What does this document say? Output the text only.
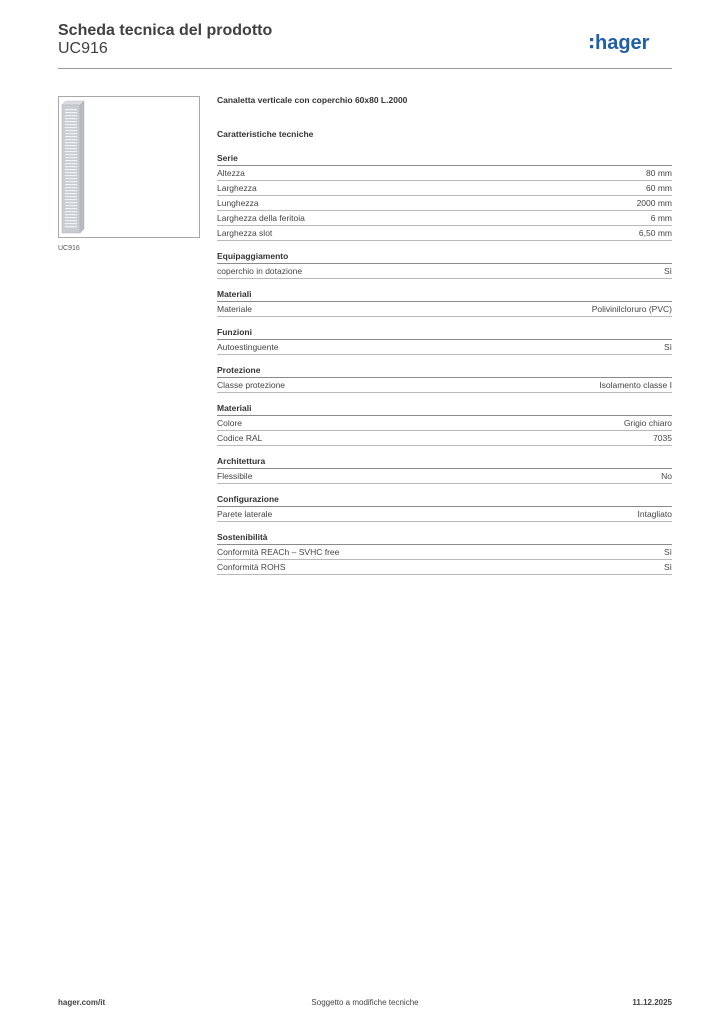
Scheda tecnica del prodotto
UC916	hager
UC916
Canaletta verticale con coperchio 60x80 L.2000
Caratteristiche tecniche
Serie
Altezza	80 mm
Larghezza	60 mm
Lunghezza	2000 mm
Larghezza della feritoia	6 mm
Larghezza slot	6,50 mm
Equipaggiamento
coperchio in dotazione	Sì
Materiali
Materiale	Polivinilcloruro (PVC)
Funzioni
Autoestinguente	Sì
Protezione
Classe protezione	Isolamento classe I
Materiali
Colore	Grigio chiaro
Codice RAL	7035
Architettura
Flessibile	No
Configurazione
Parete laterale	Intagliato
Sostenibilità
Conformità REACh – SVHC free	Sì
Conformità ROHS	Sì
hager.com/it	Soggetto a modifiche tecniche	11.12.2025
